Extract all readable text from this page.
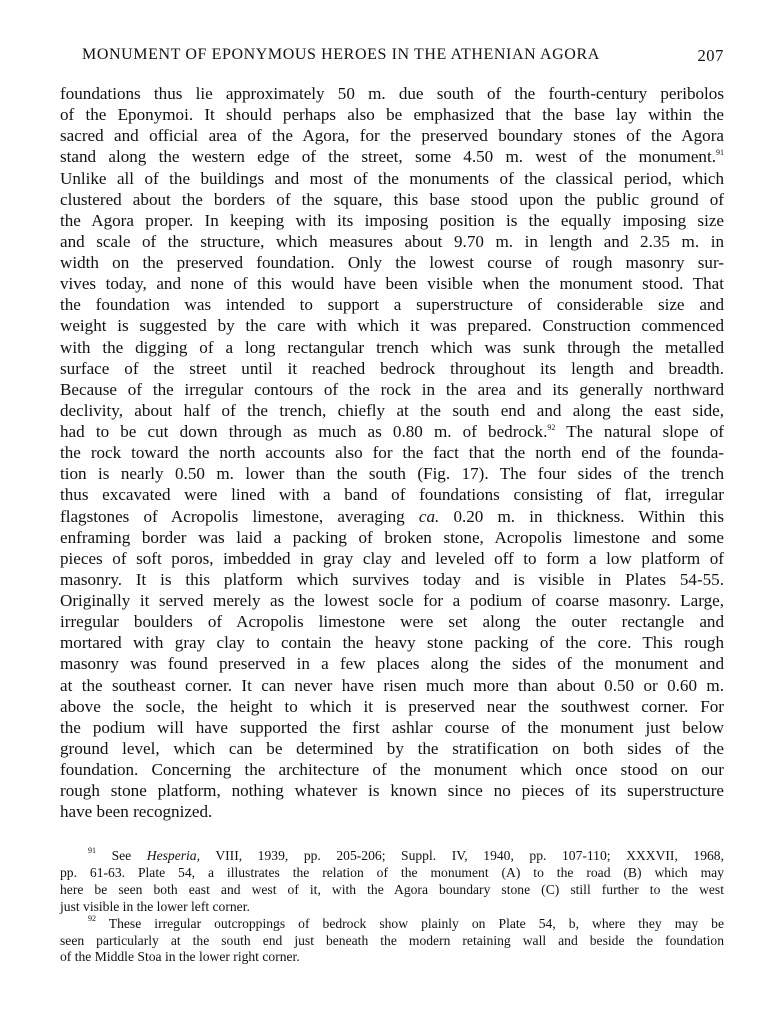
MONUMENT OF EPONYMOUS HEROES IN THE ATHENIAN AGORA	207
foundations thus lie approximately 50 m. due south of the fourth-century peribolos
of the Eponymoi. It should perhaps also be emphasized that the base lay within the
sacred and official area of the Agora, for the preserved boundary stones of the Agora
stand along the western edge of the street, some 4.50 m. west of the monument.$^{91}$
Unlike all of the buildings and most of the monuments of the classical period, which
clustered about the borders of the square, this base stood upon the public ground of
the Agora proper. In keeping with its imposing position is the equally imposing size
and scale of the structure, which measures about 9.70 m. in length and 2.35 m. in
width on the preserved foundation. Only the lowest course of rough masonry sur-
vives today, and none of this would have been visible when the monument stood. That
the foundation was intended to support a superstructure of considerable size and
weight is suggested by the care with which it was prepared. Construction commenced
with the digging of a long rectangular trench which was sunk through the metalled
surface of the street until it reached bedrock throughout its length and breadth.
Because of the irregular contours of the rock in the area and its generally northward
declivity, about half of the trench, chiefly at the south end and along the east side,
had to be cut down through as much as 0.80 m. of bedrock.$^{92}$ The natural slope of
the rock toward the north accounts also for the fact that the north end of the founda-
tion is nearly 0.50 m. lower than the south (Fig. 17). The four sides of the trench
thus excavated were lined with a band of foundations consisting of flat, irregular
flagstones of Acropolis limestone, averaging ca. 0.20 m. in thickness. Within this
enframing border was laid a packing of broken stone, Acropolis limestone and some
pieces of soft poros, imbedded in gray clay and leveled off to form a low platform of
masonry. It is this platform which survives today and is visible in Plates 54-55.
Originally it served merely as the lowest socle for a podium of coarse masonry. Large,
irregular boulders of Acropolis limestone were set along the outer rectangle and
mortared with gray clay to contain the heavy stone packing of the core. This rough
masonry was found preserved in a few places along the sides of the monument and
at the southeast corner. It can never have risen much more than about 0.50 or 0.60 m.
above the socle, the height to which it is preserved near the southwest corner. For
the podium will have supported the first ashlar course of the monument just below
ground level, which can be determined by the stratification on both sides of the
foundation. Concerning the architecture of the monument which once stood on our
rough stone platform, nothing whatever is known since no pieces of its superstructure
have been recognized.
$^{91}$ See Hesperia, VIII, 1939, pp. 205-206; Suppl. IV, 1940, pp. 107-110; XXXVII, 1968,
pp. 61-63. Plate 54, a illustrates the relation of the monument (A) to the road (B) which may
here be seen both east and west of it, with the Agora boundary stone (C) still further to the west
just visible in the lower left corner.
$^{92}$ These irregular outcroppings of bedrock show plainly on Plate 54, b, where they may be
seen particularly at the south end just beneath the modern retaining wall and beside the foundation
of the Middle Stoa in the lower right corner.
